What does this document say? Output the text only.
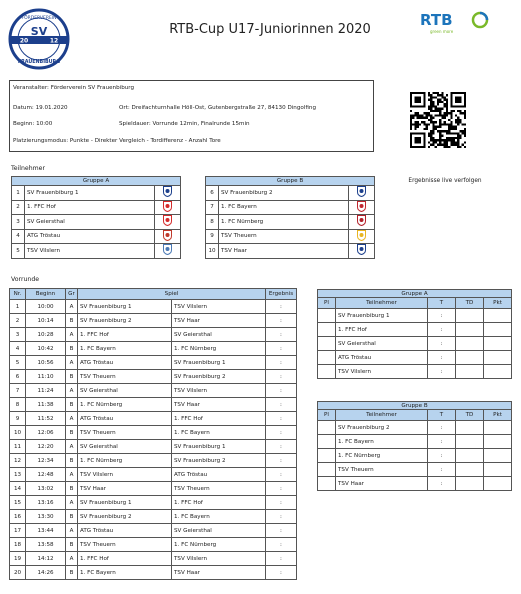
FÖRDERVEREIN
SV
20	12
FRAUENBIBURG
RTB-Cup U17-Juniorinnen 2020
RTB
green more
Veranstalter: Förderverein SV Frauenbiburg
Datum: 19.01.2020	Ort: Dreifachturnhalle Höll-Ost, Gutenbergstraße 27, 84130 Dingolfing
Beginn: 10:00	Spieldauer: Vorrunde 12min, Finalrunde 15min
Platzierungsmodus: Punkte - Direkter Vergleich - Tordifferenz - Anzahl Tore
Ergebnisse live verfolgen
Teilnehmer
Gruppe A		
1	SV Frauenbiburg 1	
2	1. FFC Hof	
3	SV Geiersthal	
4	ATG Tröstau	
5	TSV Vilslern	
Gruppe B		
6	SV Frauenbiburg 2	
7	1. FC Bayern	
8	1. FC Nürnberg	
9	TSV Theuern	
10	TSV Haar	
Vorrunde
Nr.	Beginn	Gr	Spiel		Ergebnis
1	10:00	A	SV Frauenbiburg 1	TSV Vilslern	:
2	10:14	B	SV Frauenbiburg 2	TSV Haar	:
3	10:28	A	1. FFC Hof	SV Geiersthal	:
4	10:42	B	1. FC Bayern	1. FC Nürnberg	:
5	10:56	A	ATG Tröstau	SV Frauenbiburg 1	:
6	11:10	B	TSV Theuern	SV Frauenbiburg 2	:
7	11:24	A	SV Geiersthal	TSV Vilslern	:
8	11:38	B	1. FC Nürnberg	TSV Haar	:
9	11:52	A	ATG Tröstau	1. FFC Hof	:
10	12:06	B	TSV Theuern	1. FC Bayern	:
11	12:20	A	SV Geiersthal	SV Frauenbiburg 1	:
12	12:34	B	1. FC Nürnberg	SV Frauenbiburg 2	:
13	12:48	A	TSV Vilslern	ATG Tröstau	:
14	13:02	B	TSV Haar	TSV Theuern	:
15	13:16	A	SV Frauenbiburg 1	1. FFC Hof	:
16	13:30	B	SV Frauenbiburg 2	1. FC Bayern	:
17	13:44	A	ATG Tröstau	SV Geiersthal	:
18	13:58	B	TSV Theuern	1. FC Nürnberg	:
19	14:12	A	1. FFC Hof	TSV Vilslern	:
20	14:26	B	1. FC Bayern	TSV Haar	:
Gruppe A				
Pl	Teilnehmer	T	TD	Pkt
	SV Frauenbiburg 1	:		
	1. FFC Hof	:		
	SV Geiersthal	:		
	ATG Tröstau	:		
	TSV Vilslern	:		
Gruppe B				
Pl	Teilnehmer	T	TD	Pkt
	SV Frauenbiburg 2	:		
	1. FC Bayern	:		
	1. FC Nürnberg	:		
	TSV Theuern	:		
	TSV Haar	:		
